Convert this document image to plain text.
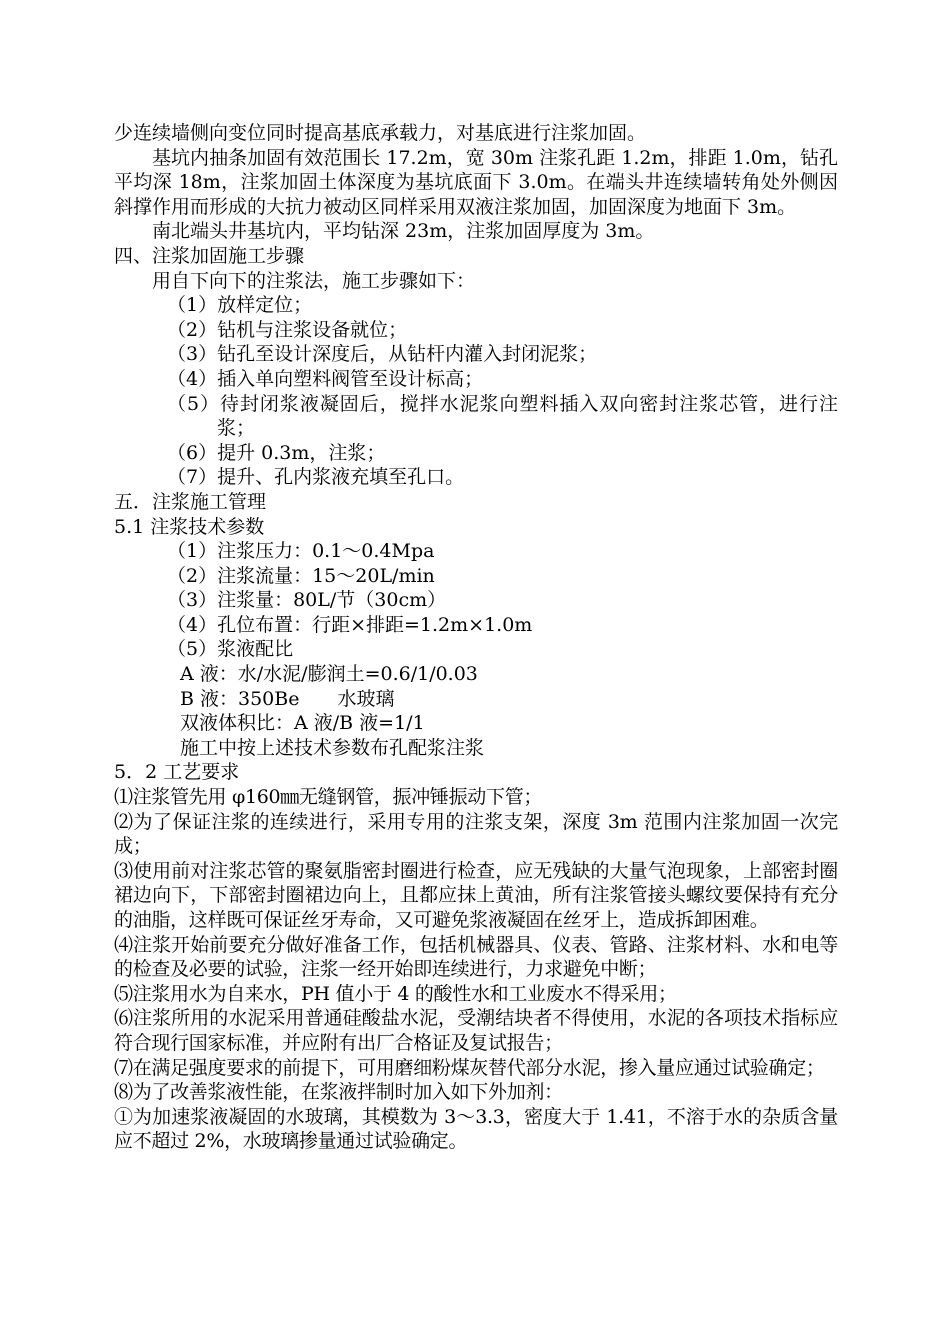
少连续墙侧向变位同时提高基底承载力，对基底进行注浆加固。

基坑内抽条加固有效范围长 17.2m，宽 30m 注浆孔距 1.2m，排距 1.0m，钻孔平均深 18m，注浆加固土体深度为基坑底面下 3.0m。在端头井连续墙转角处外侧因斜撑作用而形成的大抗力被动区同样采用双液注浆加固，加固深度为地面下 3m。

南北端头井基坑内，平均钻深 23m，注浆加固厚度为 3m。

四、注浆加固施工步骤

用自下向下的注浆法，施工步骤如下：

（1）放样定位；

（2）钻机与注浆设备就位；

（3）钻孔至设计深度后，从钻杆内灌入封闭泥浆；

（4）插入单向塑料阀管至设计标高；

（5）待封闭浆液凝固后，搅拌水泥浆向塑料插入双向密封注浆芯管，进行注浆；

（6）提升 0.3m，注浆；

（7）提升、孔内浆液充填至孔口。

五．注浆施工管理

5.1 注浆技术参数

（1）注浆压力：0.1～0.4Mpa

（2）注浆流量：15～20L/min

（3）注浆量：80L/节（30cm）

（4）孔位布置：行距×排距=1.2m×1.0m

（5）浆液配比

A 液：水/水泥/膨润土=0.6/1/0.03

B 液：350Be　　水玻璃

双液体积比：A 液/B 液=1/1

施工中按上述技术参数布孔配浆注浆

5．2 工艺要求

⑴注浆管先用 φ160㎜无缝钢管，振冲锤振动下管；

⑵为了保证注浆的连续进行，采用专用的注浆支架，深度 3m 范围内注浆加固一次完成；

⑶使用前对注浆芯管的聚氨脂密封圈进行检查，应无残缺的大量气泡现象，上部密封圈裙边向下，下部密封圈裙边向上，且都应抹上黄油，所有注浆管接头螺纹要保持有充分的油脂，这样既可保证丝牙寿命，又可避免浆液凝固在丝牙上，造成拆卸困难。

⑷注浆开始前要充分做好准备工作，包括机械器具、仪表、管路、注浆材料、水和电等的检查及必要的试验，注浆一经开始即连续进行，力求避免中断；

⑸注浆用水为自来水，PH 值小于 4 的酸性水和工业废水不得采用；

⑹注浆所用的水泥采用普通硅酸盐水泥，受潮结块者不得使用，水泥的各项技术指标应符合现行国家标准，并应附有出厂合格证及复试报告；

⑺在满足强度要求的前提下，可用磨细粉煤灰替代部分水泥，掺入量应通过试验确定；

⑻为了改善浆液性能，在浆液拌制时加入如下外加剂：

①为加速浆液凝固的水玻璃，其模数为 3～3.3，密度大于 1.41，不溶于水的杂质含量应不超过 2%，水玻璃掺量通过试验确定。
